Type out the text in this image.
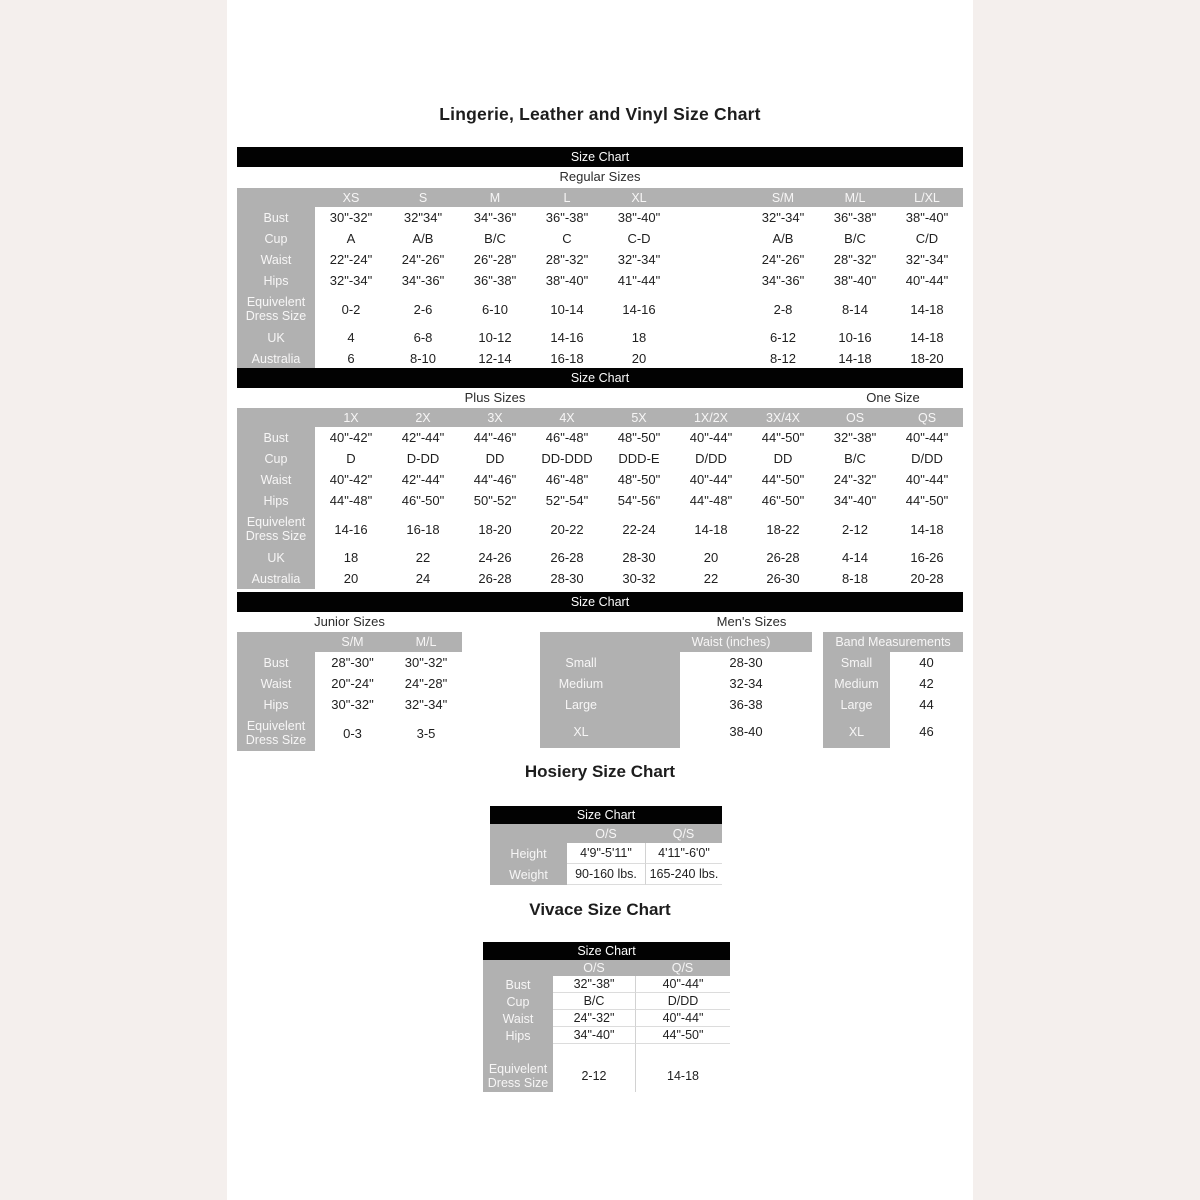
Lingerie, Leather and Vinyl Size Chart
Size Chart
Regular Sizes
XS	S	M	L	XL	S/M	M/L	L/XL
Bust	30"-32"	32"34"	34"-36"	36"-38"	38"-40"	32"-34"	36"-38"	38"-40"
Cup	A	A/B	B/C	C	C-D	A/B	B/C	C/D
Waist	22"-24"	24"-26"	26"-28"	28"-32"	32"-34"	24"-26"	28"-32"	32"-34"
Hips	32"-34"	34"-36"	36"-38"	38"-40"	41"-44"	34"-36"	38"-40"	40"-44"
Equivelent Dress Size	0-2	2-6	6-10	10-14	14-16	2-8	8-14	14-18
UK	4	6-8	10-12	14-16	18	6-12	10-16	14-18
Australia	6	8-10	12-14	16-18	20	8-12	14-18	18-20
Size Chart
Plus Sizes	One Size
1X	2X	3X	4X	5X	1X/2X	3X/4X	OS	QS
Bust	40"-42"	42"-44"	44"-46"	46"-48"	48"-50"	40"-44"	44"-50"	32"-38"	40"-44"
Cup	D	D-DD	DD	DD-DDD	DDD-E	D/DD	DD	B/C	D/DD
Waist	40"-42"	42"-44"	44"-46"	46"-48"	48"-50"	40"-44"	44"-50"	24"-32"	40"-44"
Hips	44"-48"	46"-50"	50"-52"	52"-54"	54"-56"	44"-48"	46"-50"	34"-40"	44"-50"
Equivelent Dress Size	14-16	16-18	18-20	20-22	22-24	14-18	18-22	2-12	14-18
UK	18	22	24-26	26-28	28-30	20	26-28	4-14	16-26
Australia	20	24	26-28	28-30	30-32	22	26-30	8-18	20-28
Size Chart
Junior Sizes	Men's Sizes
S/M	M/L
Bust	28"-30"	30"-32"
Waist	20"-24"	24"-28"
Hips	30"-32"	32"-34"
Equivelent Dress Size	0-3	3-5
Waist (inches)	Band Measurements
Small	28-30	Small	40
Medium	32-34	Medium	42
Large	36-38	Large	44
XL	38-40	XL	46
Hosiery Size Chart
Size Chart
O/S	Q/S
Height	4'9"-5'11"	4'11"-6'0"
Weight	90-160 lbs.	165-240 lbs.
Vivace Size Chart
Size Chart
O/S	Q/S
Bust	32"-38"	40"-44"
Cup	B/C	D/DD
Waist	24"-32"	40"-44"
Hips	34"-40"	44"-50"
Equivelent Dress Size	2-12	14-18
